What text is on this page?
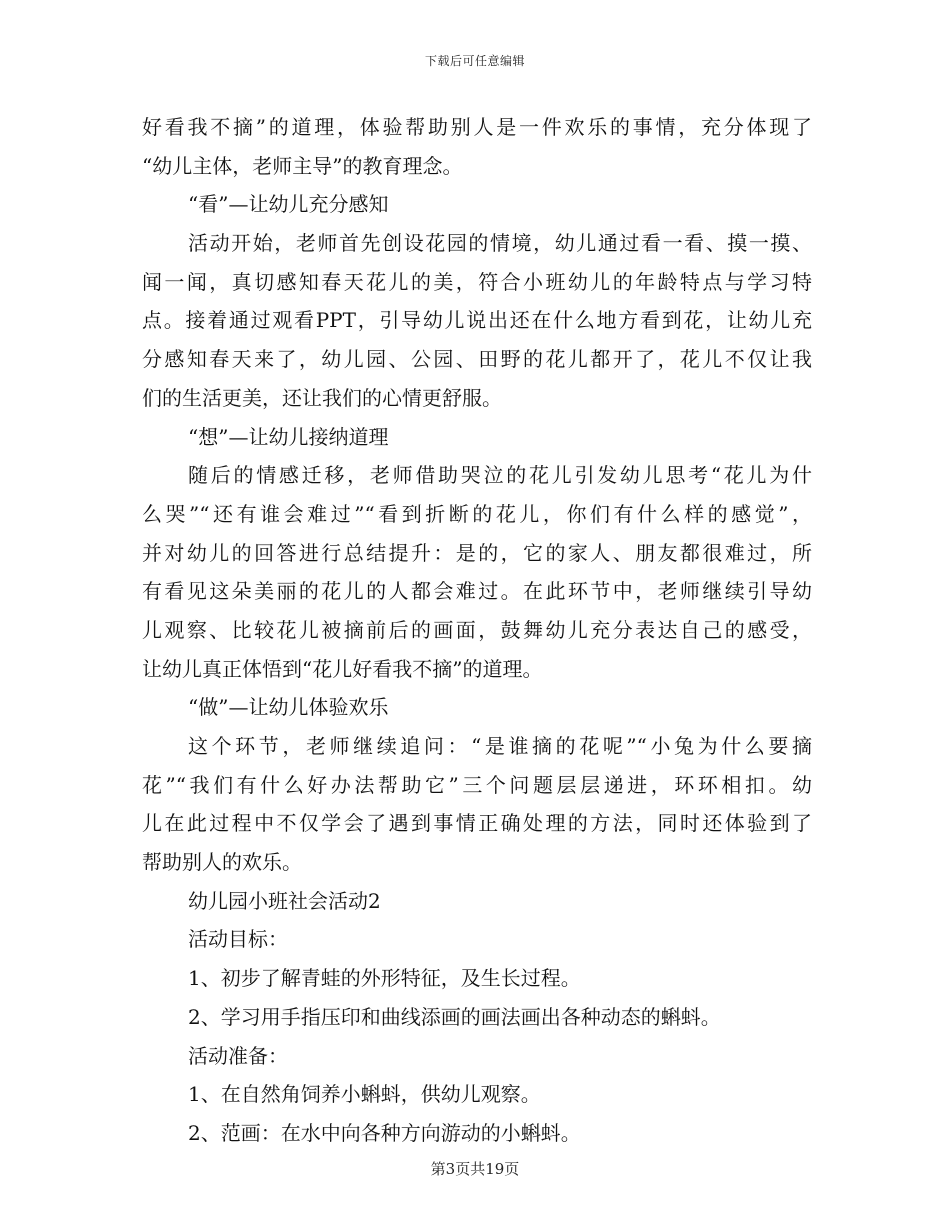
下载后可任意编辑
好看我不摘”的道理，体验帮助别人是一件欢乐的事情，充分体现了
“幼儿主体，老师主导”的教育理念。
“看”—让幼儿充分感知
活动开始，老师首先创设花园的情境，幼儿通过看一看、摸一摸、
闻一闻，真切感知春天花儿的美，符合小班幼儿的年龄特点与学习特
点。接着通过观看PPT，引导幼儿说出还在什么地方看到花，让幼儿充
分感知春天来了，幼儿园、公园、田野的花儿都开了，花儿不仅让我
们的生活更美，还让我们的心情更舒服。
“想”—让幼儿接纳道理
随后的情感迁移，老师借助哭泣的花儿引发幼儿思考“花儿为什
么哭”“还有谁会难过”“看到折断的花儿，你们有什么样的感觉”，
并对幼儿的回答进行总结提升：是的，它的家人、朋友都很难过，所
有看见这朵美丽的花儿的人都会难过。在此环节中，老师继续引导幼
儿观察、比较花儿被摘前后的画面，鼓舞幼儿充分表达自己的感受，
让幼儿真正体悟到“花儿好看我不摘”的道理。
“做”—让幼儿体验欢乐
这个环节，老师继续追问：“是谁摘的花呢”“小兔为什么要摘
花”“我们有什么好办法帮助它”三个问题层层递进，环环相扣。幼
儿在此过程中不仅学会了遇到事情正确处理的方法，同时还体验到了
帮助别人的欢乐。
幼儿园小班社会活动2
活动目标：
1、初步了解青蛙的外形特征，及生长过程。
2、学习用手指压印和曲线添画的画法画出各种动态的蝌蚪。
活动准备：
1、在自然角饲养小蝌蚪，供幼儿观察。
2、范画：在水中向各种方向游动的小蝌蚪。
第3页共19页
